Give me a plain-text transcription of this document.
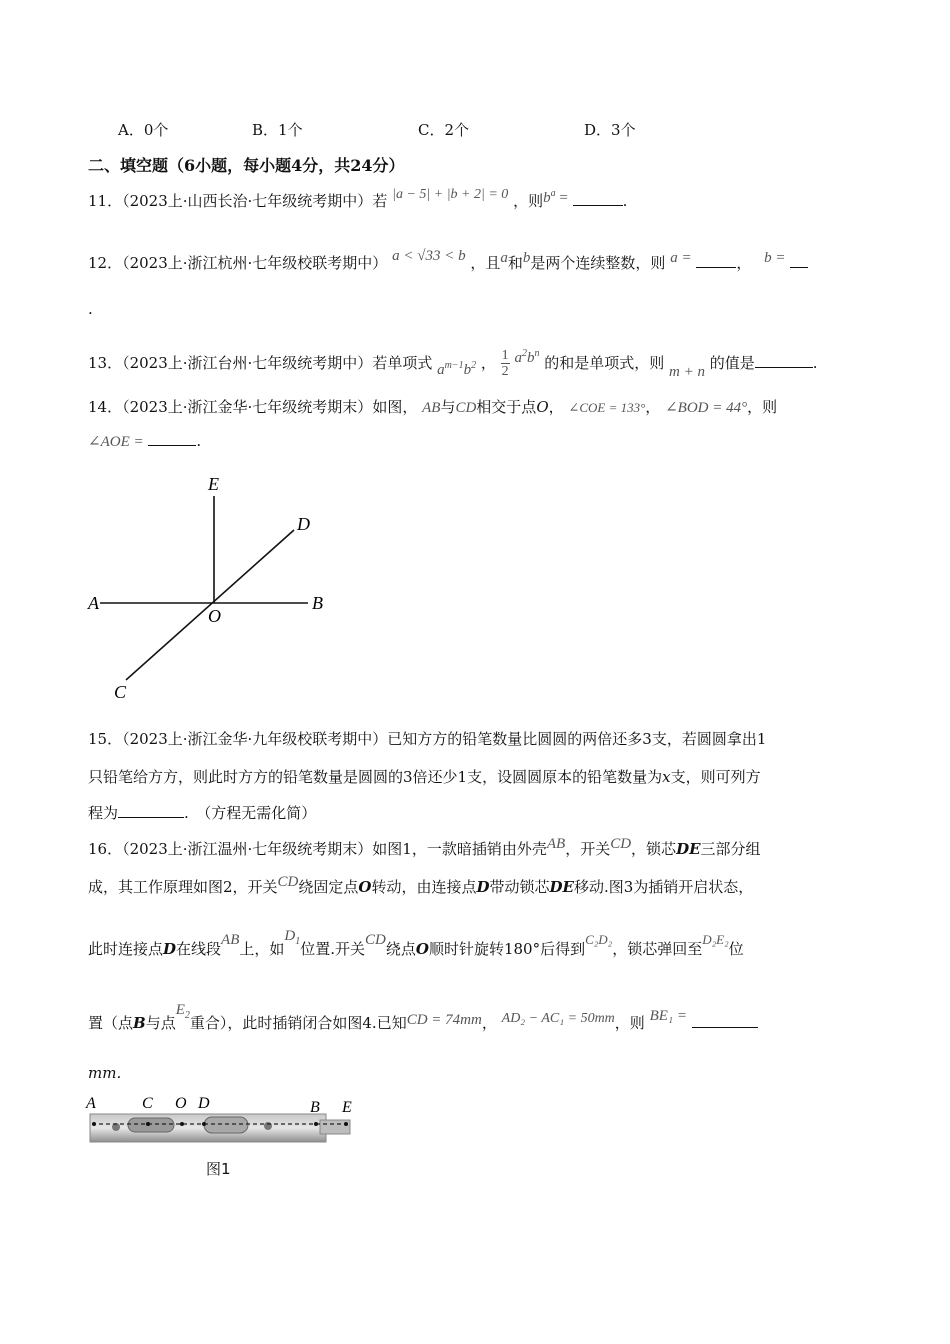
A．0个	B．1个	C．2个	D．3个
二、填空题（6小题，每小题4分，共24分）
11．（2023上·山西长治·七年级统考期中）若 |a − 5| + |b + 2| = 0 ，则$b^a$ =	.
12．（2023上·浙江杭州·七年级校联考期中） a < √33 < b ，且a和b是两个连续整数，则 a =	， b =
.
13．（2023上·浙江台州·七年级统考期中）若单项式 $a^{m-1}b^2$ ， $\frac{1}{2} a^2b^n$ 的和是单项式，则 m + n 的值是	.
14．（2023上·浙江金华·七年级统考期末）如图， AB与CD相交于点O， ∠COE = 133°， ∠BOD = 44°，则
∠AOE =	.
A	B
C
D
E
O
15．（2023上·浙江金华·九年级校联考期中）已知方方的铅笔数量比圆圆的两倍还多3支，若圆圆拿出1
只铅笔给方方，则此时方方的铅笔数量是圆圆的3倍还少1支，设圆圆原本的铅笔数量为x支，则可列方
程为	.　（方程无需化简）
16．（2023上·浙江温州·七年级统考期末）如图1，一款暗插销由外壳AB，开关CD，锁芯DE三部分组
成，其工作原理如图2，开关CD绕固定点O转动，由连接点D带动锁芯DE移动.图3为插销开启状态，
此时连接点D在线段AB上，如$D_1$位置.开关CD绕点O顺时针旋转180°后得到C₂D₂，锁芯弹回至D₂E₂位
置（点B与点$E_2$重合），此时插销闭合如图4.已知CD = 74mm， AD₂ − AC₁ = 50mm，则 BE₁ =
mm.
A	C O D	B E
图1
